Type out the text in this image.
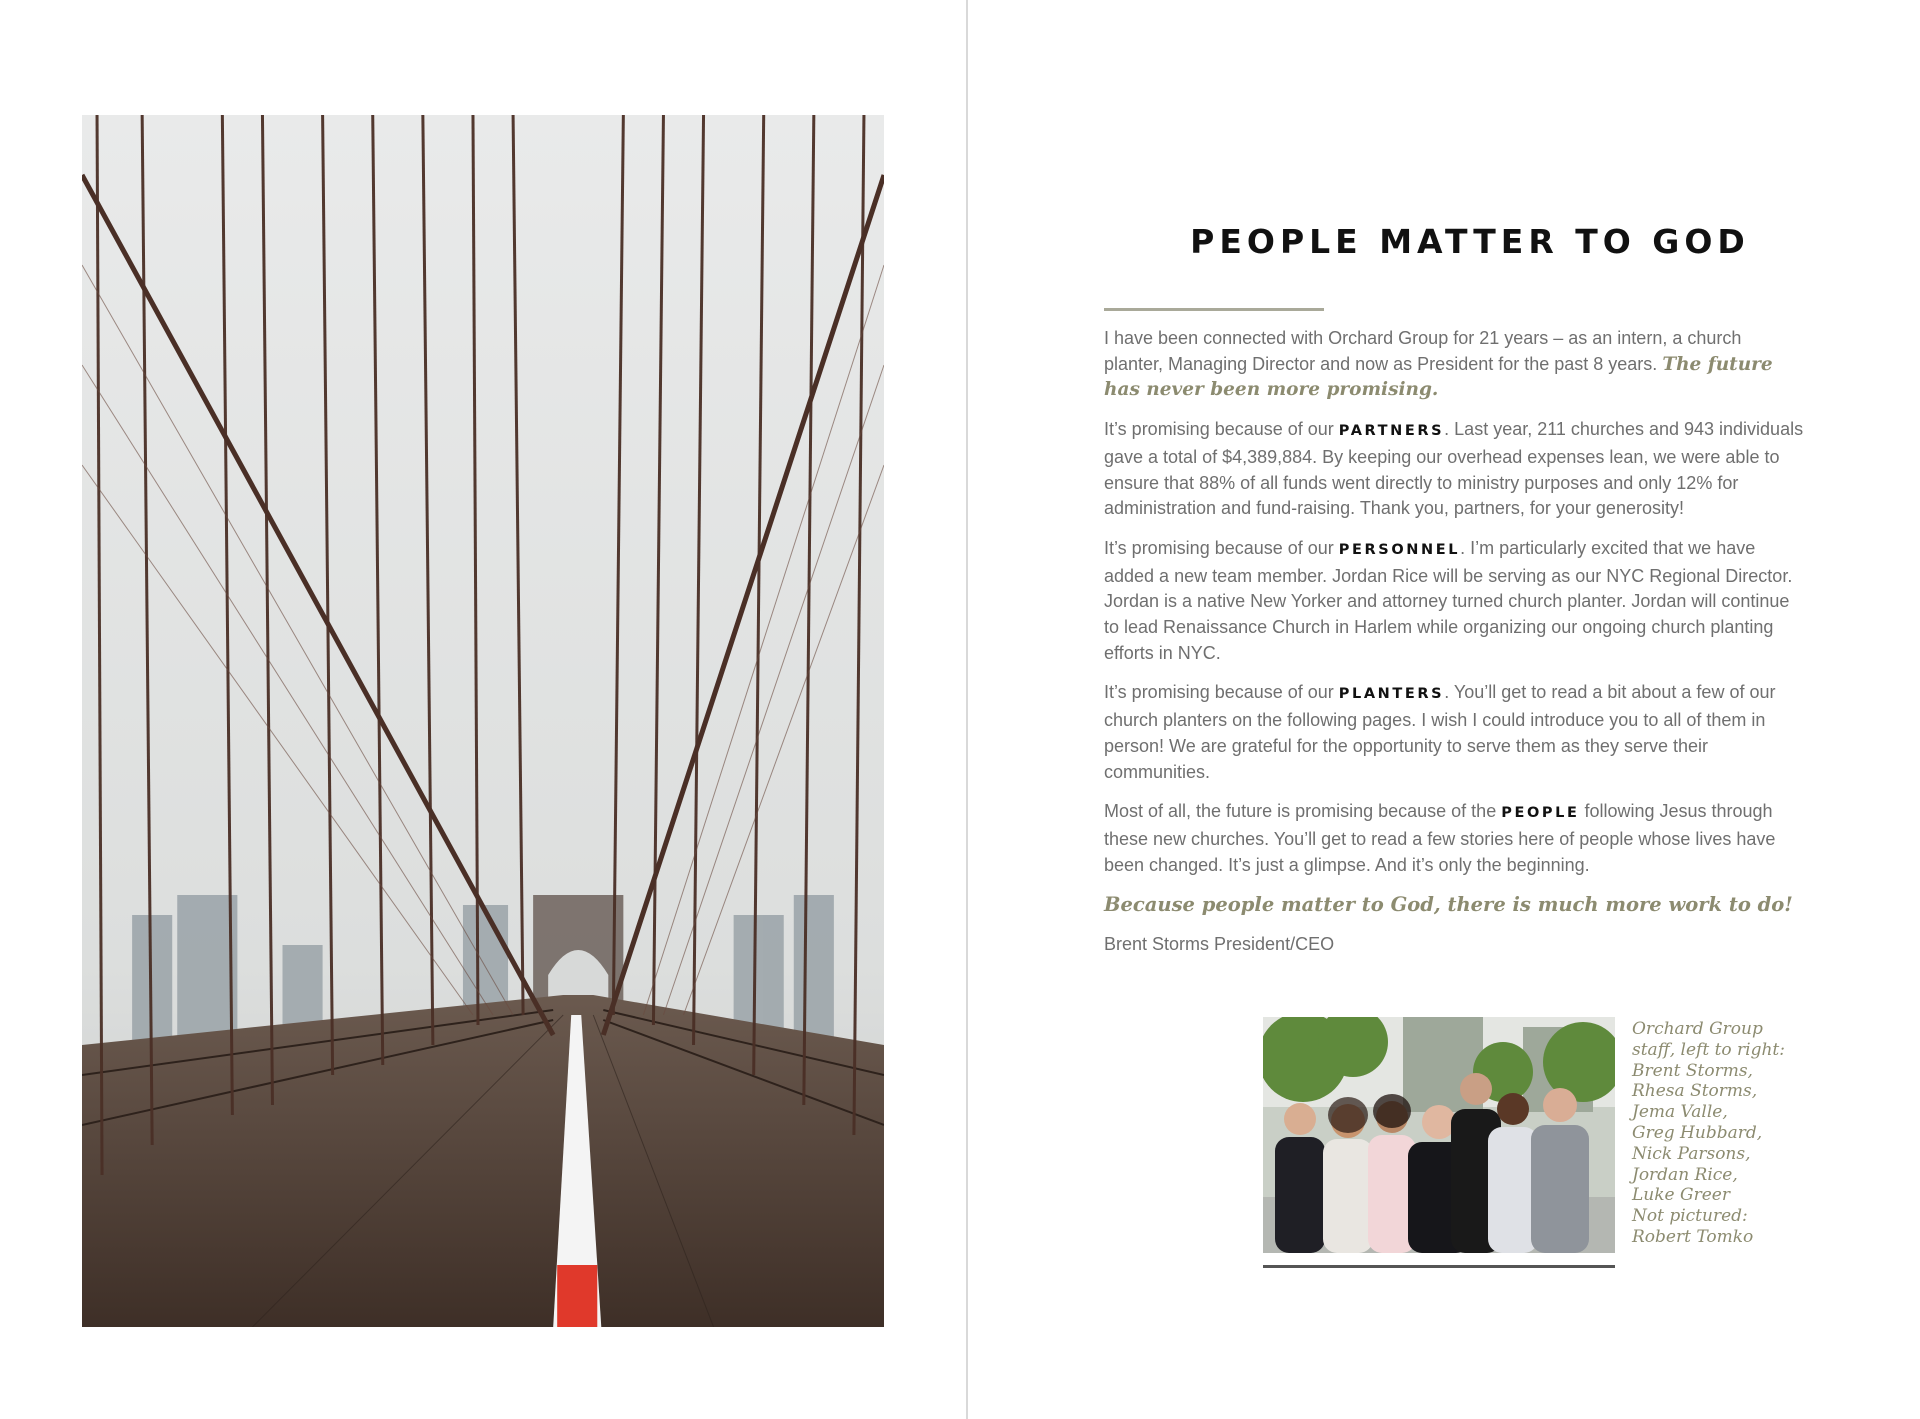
PEOPLE MATTER TO GOD

I have been connected with Orchard Group for 21 years – as an intern, a church planter, Managing Director and now as President for the past 8 years. The future has never been more promising.

It’s promising because of our PARTNERS. Last year, 211 churches and 943 individuals gave a total of $4,389,884. By keeping our overhead expenses lean, we were able to ensure that 88% of all funds went directly to ministry purposes and only 12% for administration and fund-raising. Thank you, partners, for your generosity!

It’s promising because of our PERSONNEL. I’m particularly excited that we have added a new team member. Jordan Rice will be serving as our NYC Regional Director. Jordan is a native New Yorker and attorney turned church planter. Jordan will continue to lead Renaissance Church in Harlem while organizing our ongoing church planting efforts in NYC.

It’s promising because of our PLANTERS. You’ll get to read a bit about a few of our church planters on the following pages. I wish I could introduce you to all of them in person! We are grateful for the opportunity to serve them as they serve their communities.

Most of all, the future is promising because of the PEOPLE following Jesus through these new churches. You’ll get to read a few stories here of people whose lives have been changed. It’s just a glimpse. And it’s only the beginning.

Because people matter to God, there is much more work to do!

Brent Storms President/CEO

Orchard Group
staff, left to right:
Brent Storms,
Rhesa Storms,
Jema Valle,
Greg Hubbard,
Nick Parsons,
Jordan Rice,
Luke Greer
Not pictured:
Robert Tomko
